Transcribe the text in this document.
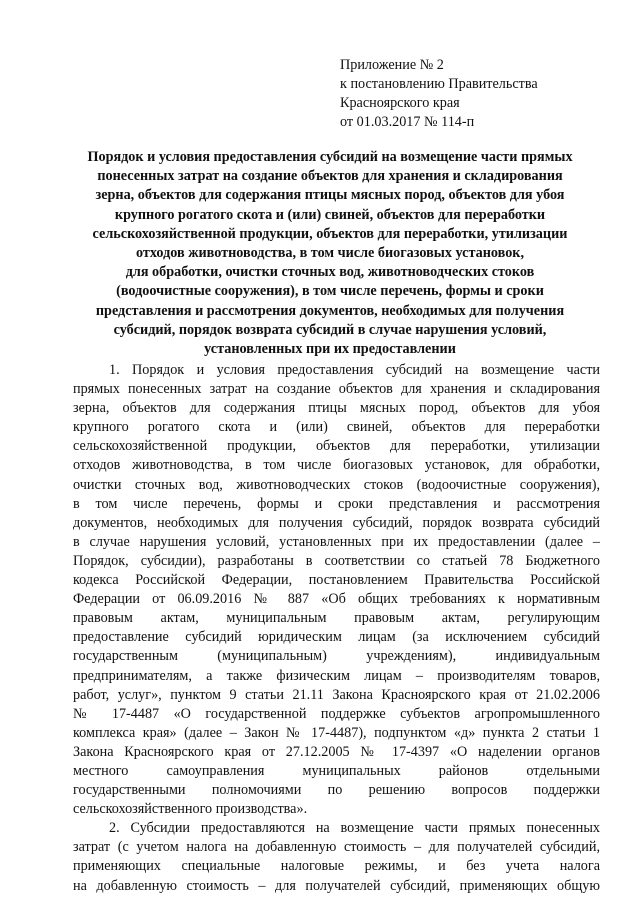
Приложение № 2
к постановлению Правительства
Красноярского края
от 01.03.2017 № 114-п
Порядок и условия предоставления субсидий на возмещение части прямых
понесенных затрат на создание объектов для хранения и складирования
зерна, объектов для содержания птицы мясных пород, объектов для убоя
крупного рогатого скота и (или) свиней, объектов для переработки
сельскохозяйственной продукции, объектов для переработки, утилизации
отходов животноводства, в том числе биогазовых установок,
для обработки, очистки сточных вод, животноводческих стоков
(водоочистные сооружения), в том числе перечень, формы и сроки
представления и рассмотрения документов, необходимых для получения
субсидий, порядок возврата субсидий в случае нарушения условий,
установленных при их предоставлении
1. Порядок и условия предоставления субсидий на возмещение части
прямых понесенных затрат на создание объектов для хранения и складирования
зерна, объектов для содержания птицы мясных пород, объектов для убоя
крупного рогатого скота и (или) свиней, объектов для переработки
сельскохозяйственной продукции, объектов для переработки, утилизации
отходов животноводства, в том числе биогазовых установок, для обработки,
очистки сточных вод, животноводческих стоков (водоочистные сооружения),
в том числе перечень, формы и сроки представления и рассмотрения
документов, необходимых для получения субсидий, порядок возврата субсидий
в случае нарушения условий, установленных при их предоставлении (далее –
Порядок, субсидии), разработаны в соответствии со статьей 78 Бюджетного
кодекса Российской Федерации, постановлением Правительства Российской
Федерации от 06.09.2016 № 887 «Об общих требованиях к нормативным
правовым актам, муниципальным правовым актам, регулирующим
предоставление субсидий юридическим лицам (за исключением субсидий
государственным (муниципальным) учреждениям), индивидуальным
предпринимателям, а также физическим лицам – производителям товаров,
работ, услуг», пунктом 9 статьи 21.11 Закона Красноярского края от 21.02.2006
№ 17-4487 «О государственной поддержке субъектов агропромышленного
комплекса края» (далее – Закон № 17-4487), подпунктом «д» пункта 2 статьи 1
Закона Красноярского края от 27.12.2005 № 17-4397 «О наделении органов
местного самоуправления муниципальных районов отдельными
государственными полномочиями по решению вопросов поддержки
сельскохозяйственного производства».
2. Субсидии предоставляются на возмещение части прямых понесенных
затрат (с учетом налога на добавленную стоимость – для получателей субсидий,
применяющих специальные налоговые режимы, и без учета налога
на добавленную стоимость – для получателей субсидий, применяющих общую
